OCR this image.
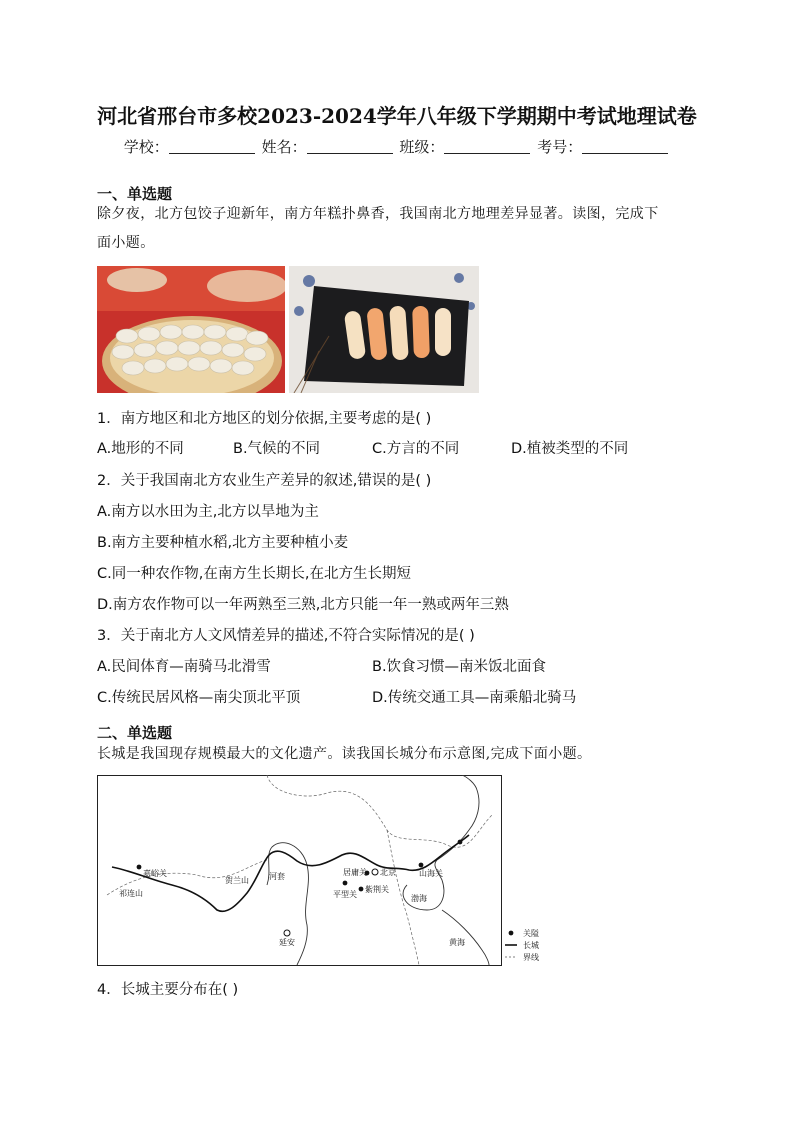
河北省邢台市多校2023-2024学年八年级下学期期中考试地理试卷
学校：	姓名：	班级：	考号：
一、单选题
除夕夜，北方包饺子迎新年，南方年糕扑鼻香，我国南北方地理差异显著。读图，完成下
面小题。
1．南方地区和北方地区的划分依据,主要考虑的是( )
A.地形的不同	B.气候的不同	C.方言的不同	D.植被类型的不同
2．关于我国南北方农业生产差异的叙述,错误的是( )
A.南方以水田为主,北方以旱地为主
B.南方主要种植水稻,北方主要种植小麦
C.同一种农作物,在南方生长期长,在北方生长期短
D.南方农作物可以一年两熟至三熟,北方只能一年一熟或两年三熟
3．关于南北方人文风情差异的描述,不符合实际情况的是( )
A.民间体育—南骑马北滑雪	B.饮食习惯—南米饭北面食
C.传统民居风格—南尖顶北平顶	D.传统交通工具—南乘船北骑马
二、单选题
长城是我国现存规模最大的文化遗产。读我国长城分布示意图,完成下面小题。
嘉峪关
祁连山
贺兰山	河套
延安
居庸关 北京
紫荆关
平型关
山海关
渤海
黄海
关隘
长城
界线
4．长城主要分布在( )
